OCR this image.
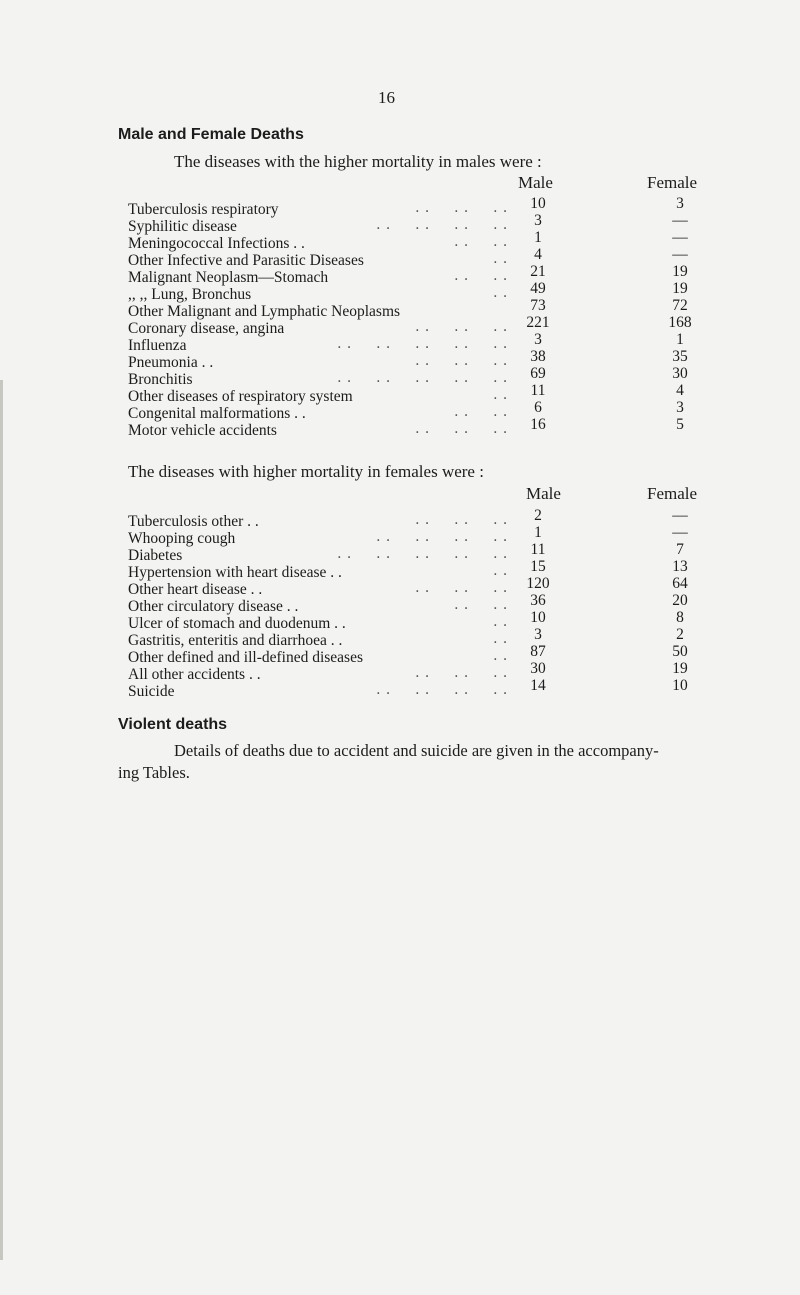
16
Male and Female Deaths
The diseases with the higher mortality in males were :
Male	Female
Tuberculosis respiratory	. .     . .     . .	10	3
Syphilitic disease	. .     . .     . .     . .	3	—
Meningococcal Infections . .	. .     . .	1	—
Other Infective and Parasitic Diseases	. .	4	—
Malignant Neoplasm—Stomach	. .     . .	21	19
,, ,, Lung, Bronchus	. .	49	19
Other Malignant and Lymphatic Neoplasms	73	72
Coronary disease, angina	. .     . .     . .	221	168
Influenza	. .     . .     . .     . .     . .	3	1
Pneumonia . .	. .     . .     . .	38	35
Bronchitis	. .     . .     . .     . .     . .	69	30
Other diseases of respiratory system	. .	11	4
Congenital malformations . .	. .     . .	6	3
Motor vehicle accidents	. .     . .     . .	16	5
The diseases with higher mortality in females were :
Male	Female
Tuberculosis other . .	. .     . .     . .	2	—
Whooping cough	. .     . .     . .     . .	1	—
Diabetes	. .     . .     . .     . .     . .	11	7
Hypertension with heart disease . .	. .	15	13
Other heart disease . .	. .     . .     . .	120	64
Other circulatory disease . .	. .     . .	36	20
Ulcer of stomach and duodenum . .	. .	10	8
Gastritis, enteritis and diarrhoea . .	. .	3	2
Other defined and ill-defined diseases	. .	87	50
All other accidents . .	. .     . .     . .	30	19
Suicide	. .     . .     . .     . .	14	10
Violent deaths
Details of deaths due to accident and suicide are given in the accompany-
ing Tables.
